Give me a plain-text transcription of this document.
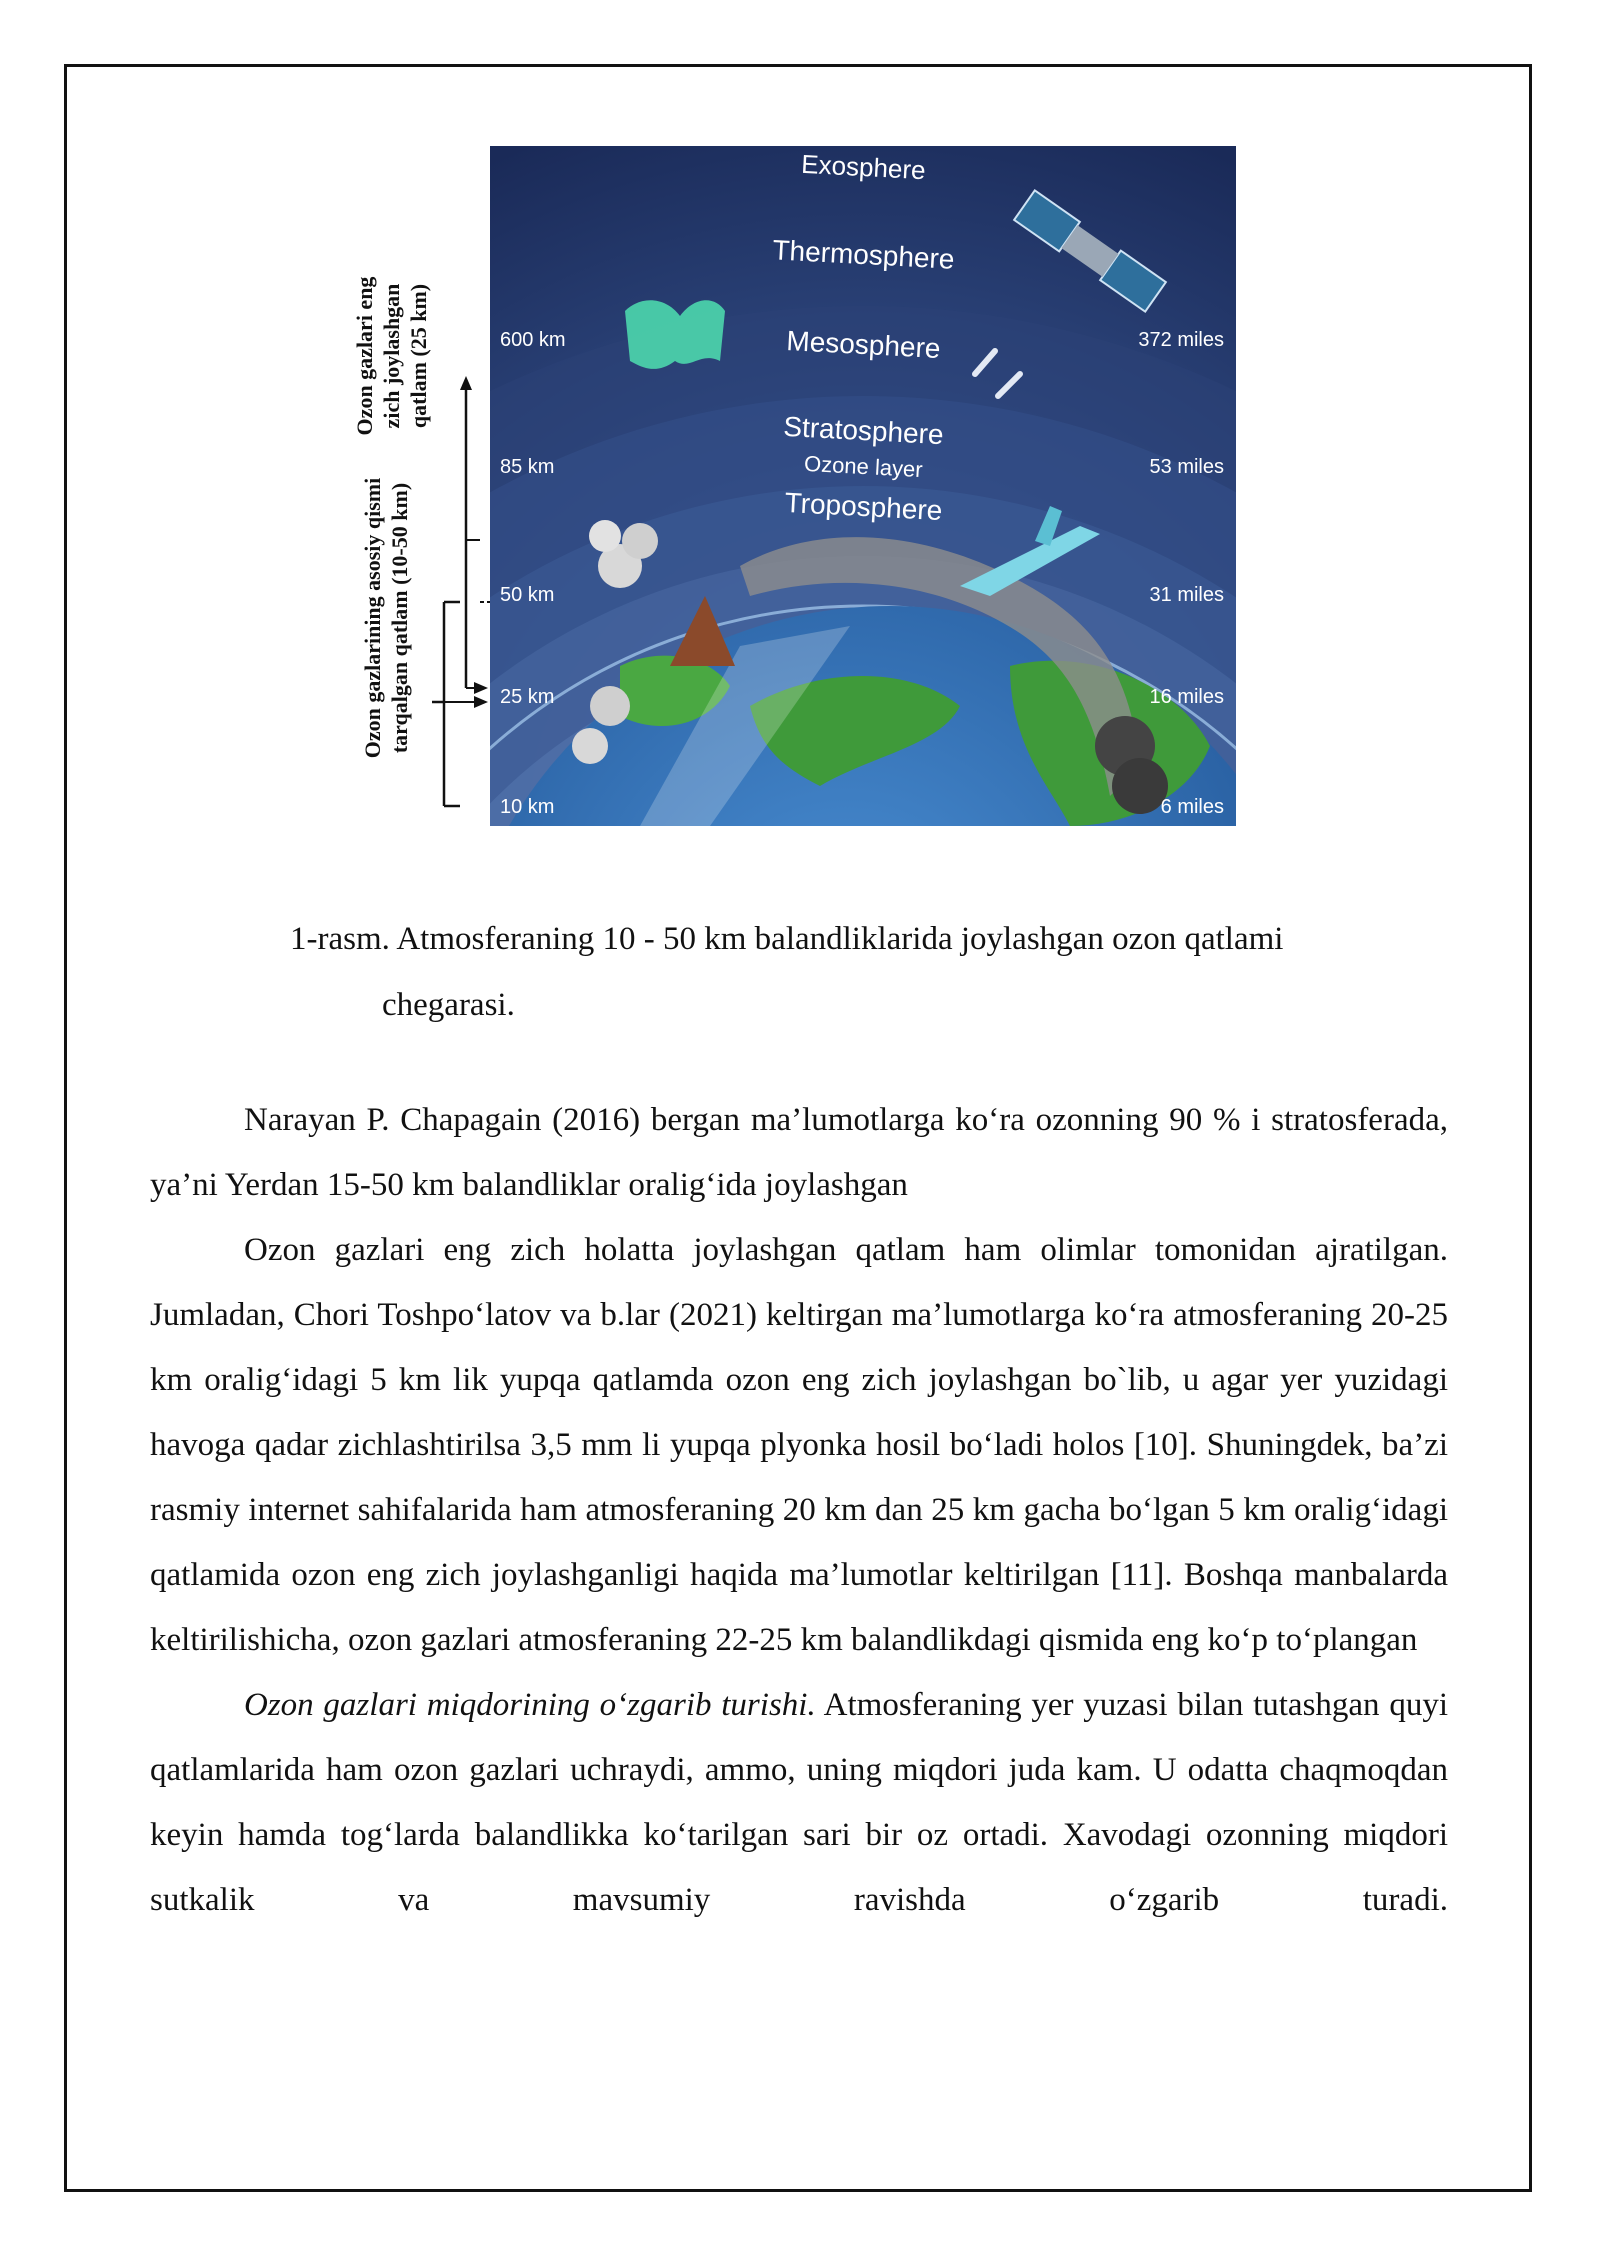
Ozon gazlari eng zich joylashgan qatlam (25 km)
Ozon gazlarining asosiy qismi tarqalgan qatlam (10-50 km)
Exosphere
Thermosphere
Mesosphere
Stratosphere
Ozone layer
Troposphere
600 km
85 km
50 km
25 km
10 km
372 miles
53 miles
31 miles
16 miles
6 miles
1-rasm. Atmosferaning 10 - 50 km balandliklarida joylashgan ozon qatlami
chegarasi.

Narayan P. Chapagain (2016) bergan ma’lumotlarga ko‘ra ozonning 90 % i stratosferada, ya’ni Yerdan 15-50 km balandliklar oralig‘ida joylashgan

Ozon gazlari eng zich holatta joylashgan qatlam ham olimlar tomonidan ajratilgan. Jumladan, Chori Toshpo‘latov va b.lar (2021) keltirgan ma’lumotlarga ko‘ra atmosferaning 20-25 km oralig‘idagi 5 km lik yupqa qatlamda ozon eng zich joylashgan bo`lib, u agar yer yuzidagi havoga qadar zichlashtirilsa 3,5 mm li yupqa plyonka hosil bo‘ladi holos [10]. Shuningdek, ba’zi rasmiy internet sahifalarida ham atmosferaning 20 km dan 25 km gacha bo‘lgan 5 km oralig‘idagi qatlamida ozon eng zich joylashganligi haqida ma’lumotlar keltirilgan [11]. Boshqa manbalarda keltirilishicha, ozon gazlari atmosferaning 22-25 km balandlikdagi qismida eng ko‘p to‘plangan

Ozon gazlari miqdorining o‘zgarib turishi. Atmosferaning yer yuzasi bilan tutashgan quyi qatlamlarida ham ozon gazlari uchraydi, ammo, uning miqdori juda kam. U odatta chaqmoqdan keyin hamda tog‘larda balandlikka ko‘tarilgan sari bir oz ortadi. Xavodagi ozonning miqdori sutkalik va mavsumiy ravishda o‘zgarib turadi.
